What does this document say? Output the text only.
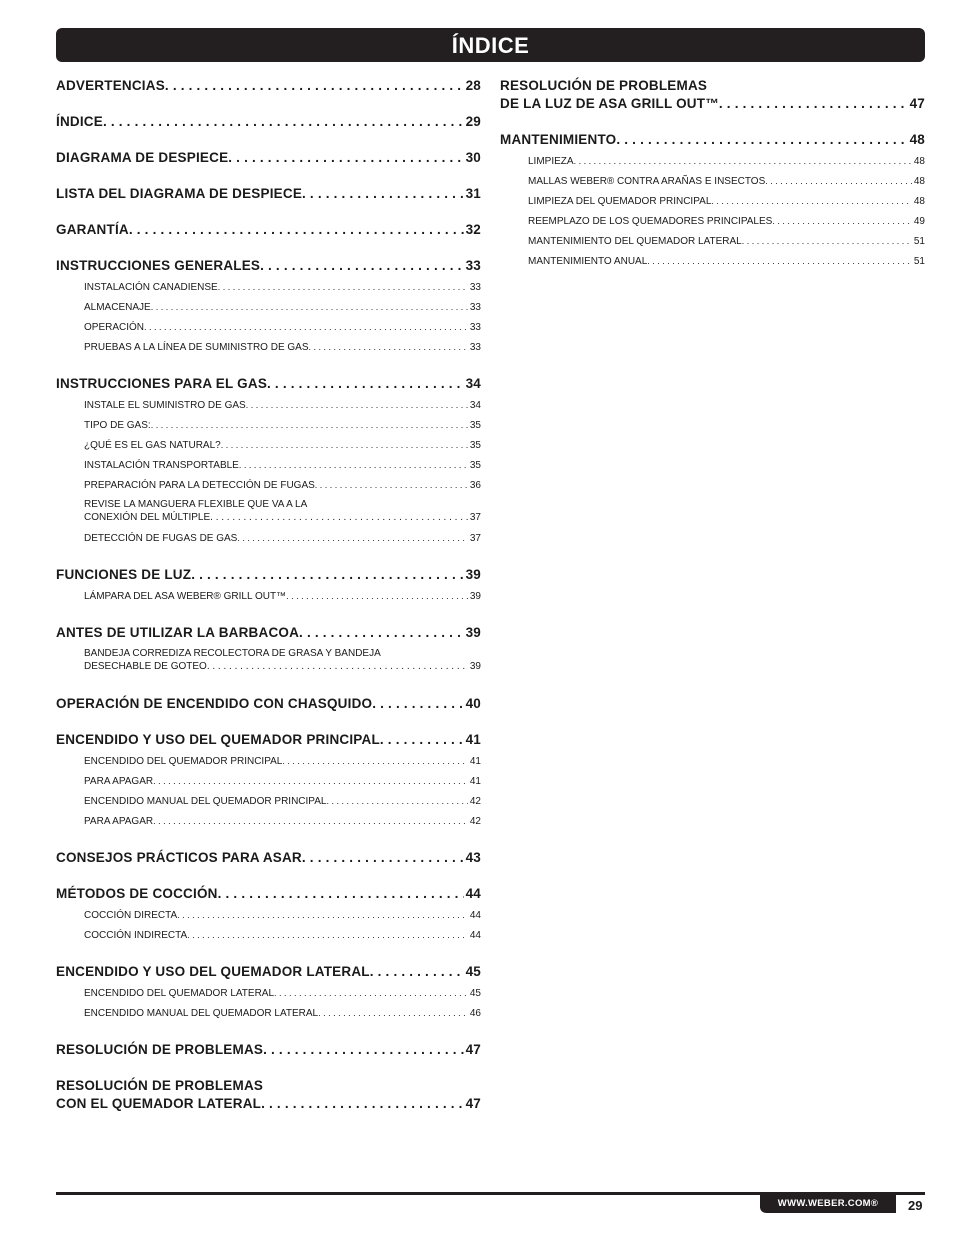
ÍNDICE
ADVERTENCIAS . . .	28
ÍNDICE . . .	29
DIAGRAMA DE DESPIECE . . .	30
LISTA DEL DIAGRAMA DE DESPIECE . . .	31
GARANTÍA . . .	32
INSTRUCCIONES GENERALES . . .	33
INSTALACIÓN CANADIENSE . . .	33
ALMACENAJE . . .	33
OPERACIÓN . . .	33
PRUEBAS A LA LÍNEA DE SUMINISTRO DE GAS . . .	33
INSTRUCCIONES PARA EL GAS . . .	34
INSTALE EL SUMINISTRO DE GAS . . .	34
TIPO DE GAS: . . .	35
¿QUÉ ES EL GAS NATURAL? . . .	35
INSTALACIÓN TRANSPORTABLE . . .	35
PREPARACIÓN PARA LA DETECCIÓN DE FUGAS . . .	36
REVISE LA MANGUERA FLEXIBLE QUE VA A LA
CONEXIÓN DEL MÚLTIPLE . . .	37
DETECCIÓN DE FUGAS DE GAS . . .	37
FUNCIONES DE LUZ . . .	39
LÁMPARA DEL ASA WEBER® GRILL OUT™ . . .	39
ANTES DE UTILIZAR LA BARBACOA . . .	39
BANDEJA CORREDIZA RECOLECTORA DE GRASA Y BANDEJA
DESECHABLE DE GOTEO . . .	39
OPERACIÓN DE ENCENDIDO CON CHASQUIDO . . .	40
ENCENDIDO Y USO DEL QUEMADOR PRINCIPAL . . .	41
ENCENDIDO DEL QUEMADOR PRINCIPAL . . .	41
PARA APAGAR . . .	41
ENCENDIDO MANUAL DEL QUEMADOR PRINCIPAL . . .	42
PARA APAGAR . . .	42
CONSEJOS PRÁCTICOS PARA ASAR . . .	43
MÉTODOS DE COCCIÓN . . .	44
COCCIÓN DIRECTA . . .	44
COCCIÓN INDIRECTA . . .	44
ENCENDIDO Y USO DEL QUEMADOR LATERAL . . .	45
ENCENDIDO DEL QUEMADOR LATERAL . . .	45
ENCENDIDO MANUAL DEL QUEMADOR LATERAL . . .	46
RESOLUCIÓN DE PROBLEMAS . . .	47
RESOLUCIÓN DE PROBLEMAS
CON EL QUEMADOR LATERAL . . .	47
RESOLUCIÓN DE PROBLEMAS
DE LA LUZ DE ASA GRILL OUT™ . . .	47
MANTENIMIENTO . . .	48
LIMPIEZA . . .	48
MALLAS WEBER® CONTRA ARAÑAS E INSECTOS . . .	48
LIMPIEZA DEL QUEMADOR PRINCIPAL . . .	48
REEMPLAZO DE LOS QUEMADORES PRINCIPALES . . .	49
MANTENIMIENTO DEL QUEMADOR LATERAL . . .	51
MANTENIMIENTO ANUAL . . .	51
WWW.WEBER.COM®	29
